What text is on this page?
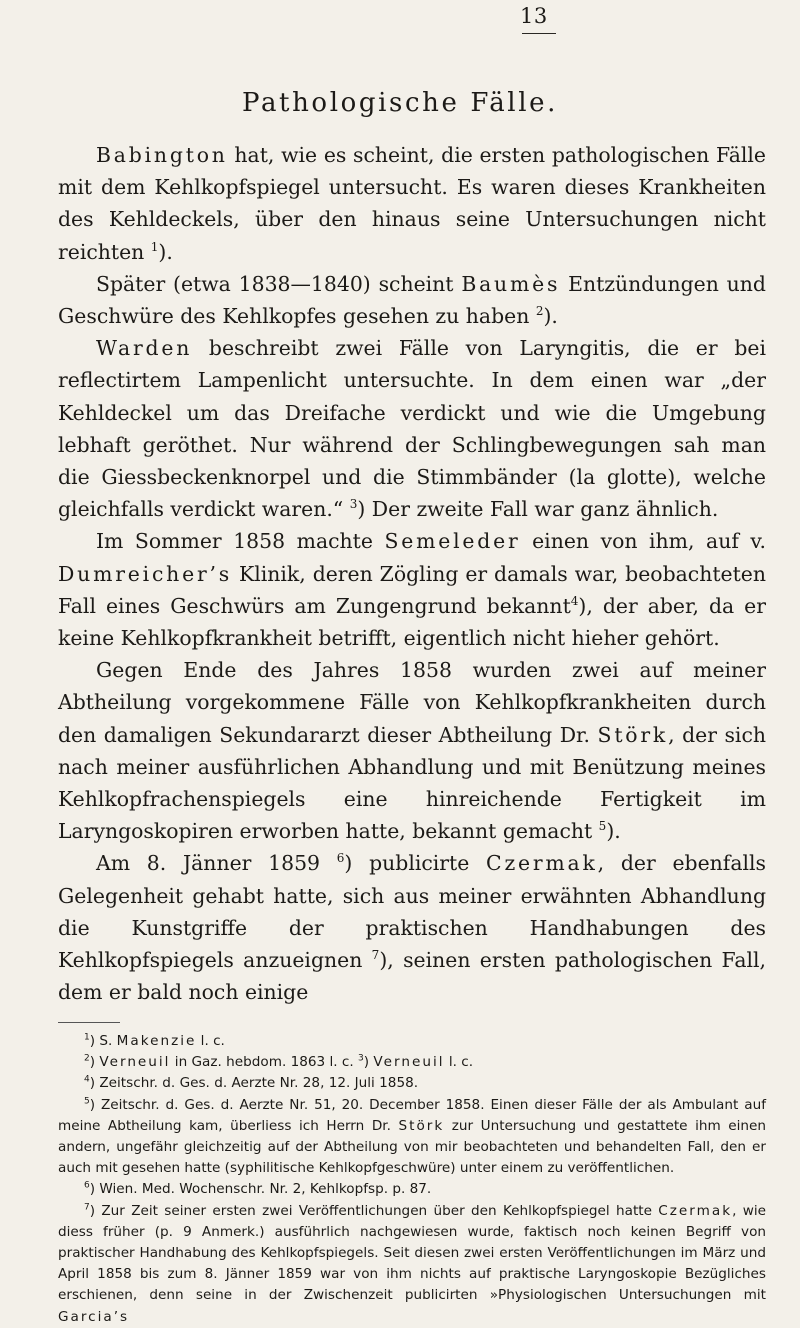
13
Pathologische Fälle.

Babington hat, wie es scheint, die ersten pathologischen Fälle mit dem Kehlkopfspiegel untersucht. Es waren dieses Krankheiten des Kehldeckels, über den hinaus seine Untersuchungen nicht reichten $^1$).

Später (etwa 1838—1840) scheint Baumès Entzündungen und Geschwüre des Kehlkopfes gesehen zu haben $^2$).

Warden beschreibt zwei Fälle von Laryngitis, die er bei reflectirtem Lampenlicht untersuchte. In dem einen war „der Kehldeckel um das Dreifache verdickt und wie die Umgebung lebhaft geröthet. Nur während der Schlingbewegungen sah man die Giessbeckenknorpel und die Stimmbänder (la glotte), welche gleichfalls verdickt waren.“ $^3$) Der zweite Fall war ganz ähnlich.

Im Sommer 1858 machte Semeleder einen von ihm, auf v. Dumreicher’s Klinik, deren Zögling er damals war, beobachteten Fall eines Geschwürs am Zungengrund bekannt$^4$), der aber, da er keine Kehlkopfkrankheit betrifft, eigentlich nicht hieher gehört.

Gegen Ende des Jahres 1858 wurden zwei auf meiner Abtheilung vorgekommene Fälle von Kehlkopfkrankheiten durch den damaligen Sekundararzt dieser Abtheilung Dr. Störk, der sich nach meiner ausführlichen Abhandlung und mit Benützung meines Kehlkopfrachenspiegels eine hinreichende Fertigkeit im Laryngoskopiren erworben hatte, bekannt gemacht $^5$).

Am 8. Jänner 1859 $^6$) publicirte Czermak, der ebenfalls Gelegenheit gehabt hatte, sich aus meiner erwähnten Abhandlung die Kunstgriffe der praktischen Handhabungen des Kehlkopfspiegels anzueignen $^7$), seinen ersten pathologischen Fall, dem er bald noch einige

$^1$) S. Makenzie l. c.

$^2$) Verneuil in Gaz. hebdom. 1863 l. c. $^3$) Verneuil l. c.

$^4$) Zeitschr. d. Ges. d. Aerzte Nr. 28, 12. Juli 1858.

$^5$) Zeitschr. d. Ges. d. Aerzte Nr. 51, 20. December 1858. Einen dieser Fälle der als Ambulant auf meine Abtheilung kam, überliess ich Herrn Dr. Störk zur Untersuchung und gestattete ihm einen andern, ungefähr gleichzeitig auf der Abtheilung von mir beobachteten und behandelten Fall, den er auch mit gesehen hatte (syphilitische Kehlkopfgeschwüre) unter einem zu veröffentlichen.

$^6$) Wien. Med. Wochenschr. Nr. 2, Kehlkopfsp. p. 87.

$^7$) Zur Zeit seiner ersten zwei Veröffentlichungen über den Kehlkopfspiegel hatte Czermak, wie diess früher (p. 9 Anmerk.) ausführlich nachgewiesen wurde, faktisch noch keinen Begriff von praktischer Handhabung des Kehlkopfspiegels. Seit diesen zwei ersten Veröffentlichungen im März und April 1858 bis zum 8. Jänner 1859 war von ihm nichts auf praktische Laryngoskopie Bezügliches erschienen, denn seine in der Zwischenzeit publicirten »Physiologischen Untersuchungen mit Garcia’s
